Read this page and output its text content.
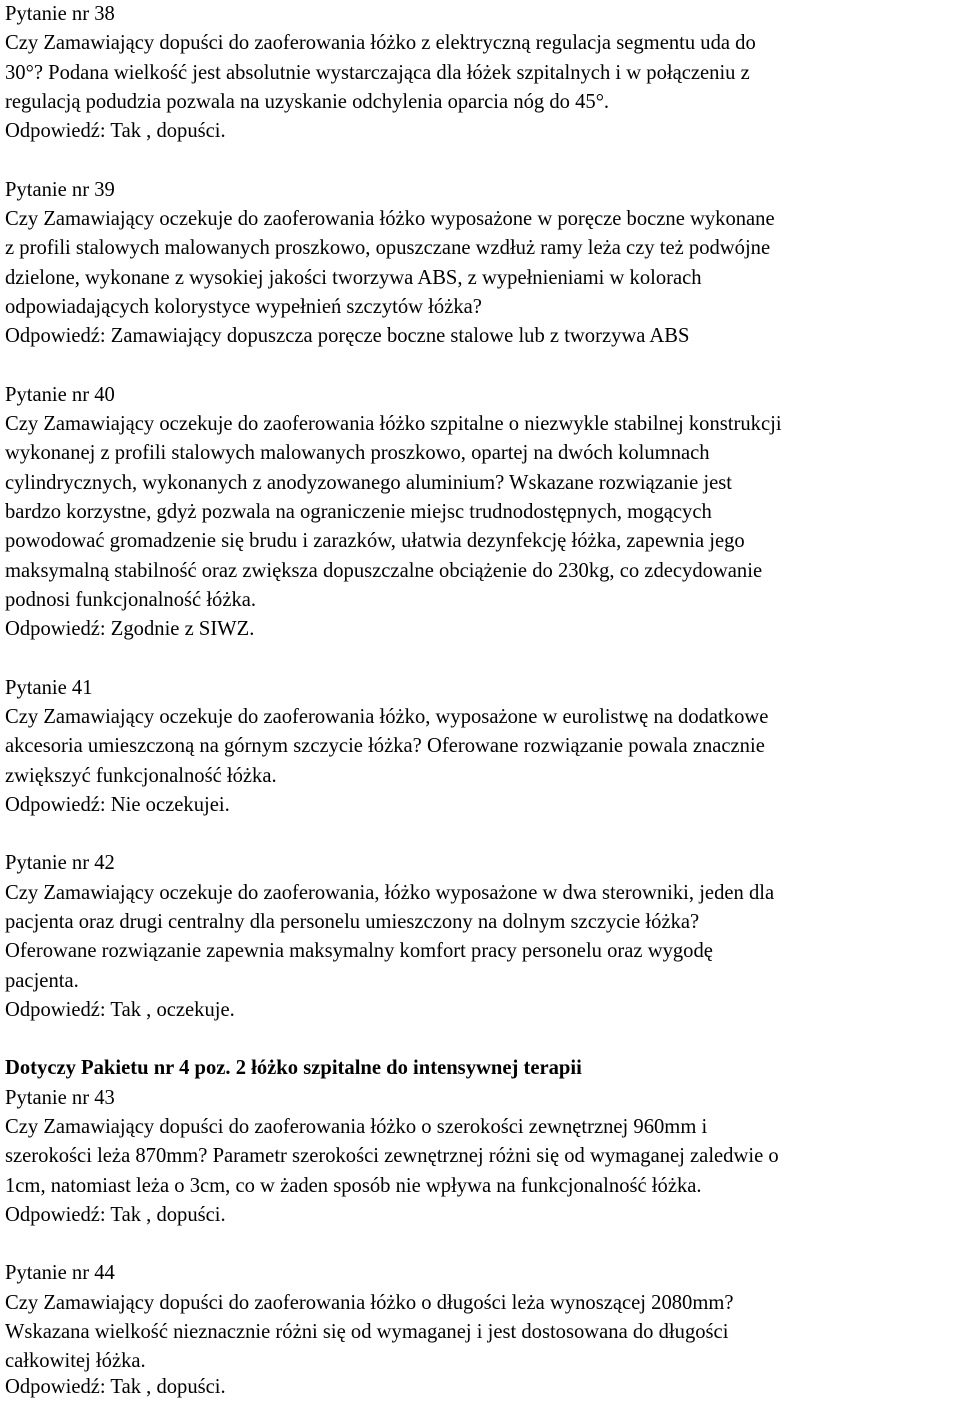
Pytanie nr 38
Czy Zamawiający dopuści do zaoferowania łóżko z elektryczną regulacja segmentu uda do
30°? Podana wielkość jest absolutnie wystarczająca dla łóżek szpitalnych i w połączeniu z
regulacją podudzia pozwala na uzyskanie odchylenia oparcia nóg do 45°.
Odpowiedź: Tak , dopuści.
Pytanie nr 39
Czy Zamawiający oczekuje do zaoferowania łóżko wyposażone w poręcze boczne wykonane
z profili stalowych malowanych proszkowo, opuszczane wzdłuż ramy leża czy też podwójne
dzielone, wykonane z wysokiej jakości tworzywa ABS, z wypełnieniami w kolorach
odpowiadających kolorystyce wypełnień szczytów łóżka?
Odpowiedź: Zamawiający dopuszcza poręcze boczne stalowe lub z tworzywa ABS
Pytanie nr 40
Czy Zamawiający oczekuje do zaoferowania łóżko szpitalne o niezwykle stabilnej konstrukcji
wykonanej z profili stalowych malowanych proszkowo, opartej na dwóch kolumnach
cylindrycznych, wykonanych z anodyzowanego aluminium? Wskazane rozwiązanie jest
bardzo korzystne, gdyż pozwala na ograniczenie miejsc trudnodostępnych, mogących
powodować gromadzenie się brudu i zarazków, ułatwia dezynfekcję łóżka, zapewnia jego
maksymalną stabilność oraz zwiększa dopuszczalne obciążenie do 230kg, co zdecydowanie
podnosi funkcjonalność łóżka.
Odpowiedź: Zgodnie z SIWZ.
Pytanie 41
Czy Zamawiający oczekuje do zaoferowania łóżko, wyposażone w eurolistwę na dodatkowe
akcesoria umieszczoną na górnym szczycie łóżka? Oferowane rozwiązanie powala znacznie
zwiększyć funkcjonalność łóżka.
Odpowiedź: Nie oczekujei.
Pytanie nr 42
Czy Zamawiający oczekuje do zaoferowania, łóżko wyposażone w dwa sterowniki, jeden dla
pacjenta oraz drugi centralny dla personelu umieszczony na dolnym szczycie łóżka?
Oferowane rozwiązanie zapewnia maksymalny komfort pracy personelu oraz wygodę
pacjenta.
Odpowiedź: Tak , oczekuje.
Dotyczy Pakietu nr 4 poz. 2 łóżko szpitalne do intensywnej terapii
Pytanie nr 43
Czy Zamawiający dopuści do zaoferowania łóżko o szerokości zewnętrznej 960mm i
szerokości leża 870mm? Parametr szerokości zewnętrznej różni się od wymaganej zaledwie o
1cm, natomiast leża o 3cm, co w żaden sposób nie wpływa na funkcjonalność łóżka.
Odpowiedź: Tak , dopuści.
Pytanie nr 44
Czy Zamawiający dopuści do zaoferowania łóżko o długości leża wynoszącej 2080mm?
Wskazana wielkość nieznacznie różni się od wymaganej i jest dostosowana do długości
całkowitej łóżka.
Odpowiedź: Tak , dopuści.
